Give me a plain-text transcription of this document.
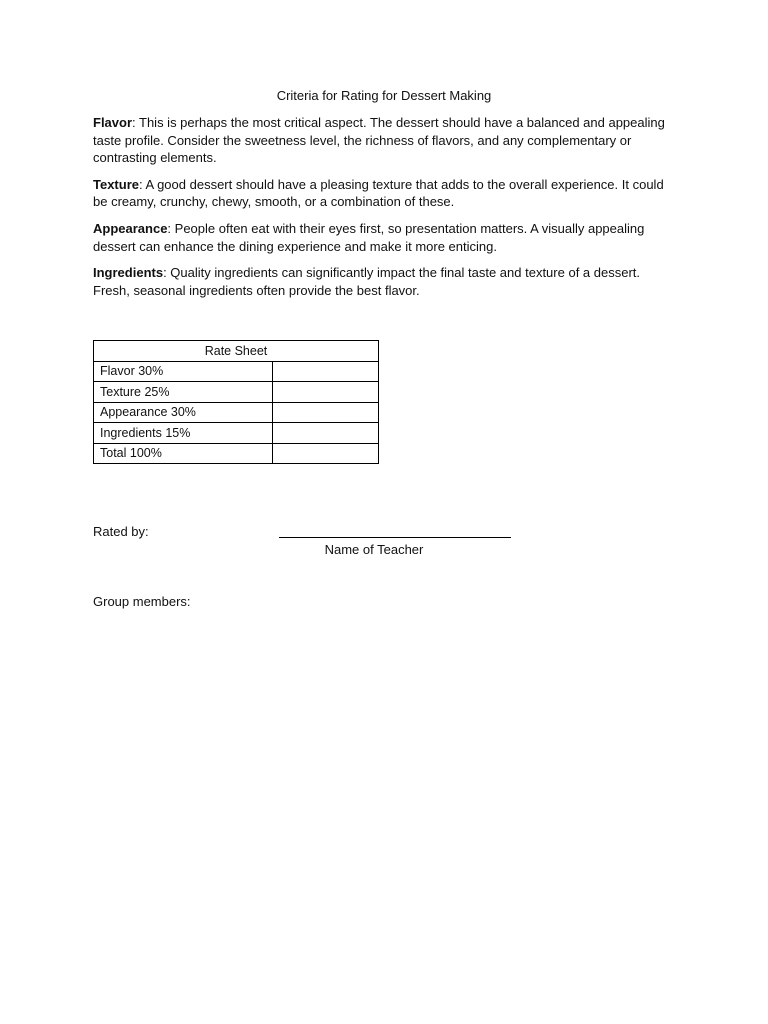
Criteria for Rating for Dessert Making

Flavor: This is perhaps the most critical aspect. The dessert should have a balanced and appealing taste profile. Consider the sweetness level, the richness of flavors, and any complementary or contrasting elements.

Texture: A good dessert should have a pleasing texture that adds to the overall experience. It could be creamy, crunchy, chewy, smooth, or a combination of these.

Appearance: People often eat with their eyes first, so presentation matters. A visually appealing dessert can enhance the dining experience and make it more enticing.

Ingredients: Quality ingredients can significantly impact the final taste and texture of a dessert. Fresh, seasonal ingredients often provide the best flavor.

Rate Sheet	
Flavor 30%	
Texture 25%	
Appearance 30%	
Ingredients 15%	
Total 100%	
Rated by:
Name of Teacher
Group members:
